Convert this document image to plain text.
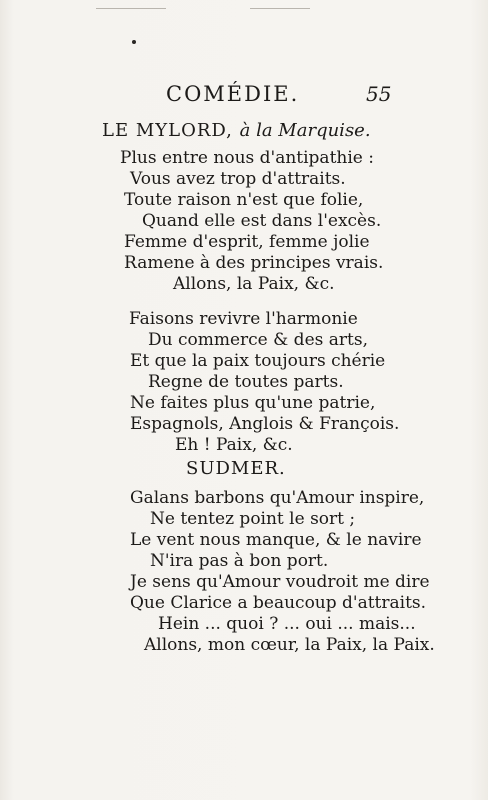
COMÉDIE.	55
LE MYLORD, à la Marquise.
Plus entre nous d'antipathie :
Vous avez trop d'attraits.
Toute raison n'est que folie,
Quand elle est dans l'excès.
Femme d'esprit, femme jolie
Ramene à des principes vrais.
Allons, la Paix, &c.
Faisons revivre l'harmonie
Du commerce & des arts,
Et que la paix toujours chérie
Regne de toutes parts.
Ne faites plus qu'une patrie,
Espagnols, Anglois & François.
Eh ! Paix, &c.
SUDMER.
Galans barbons qu'Amour inspire,
Ne tentez point le sort ;
Le vent nous manque, & le navire
N'ira pas à bon port.
Je sens qu'Amour voudroit me dire
Que Clarice a beaucoup d'attraits.
Hein ... quoi ? ... oui ... mais...
Allons, mon cœur, la Paix, la Paix.
